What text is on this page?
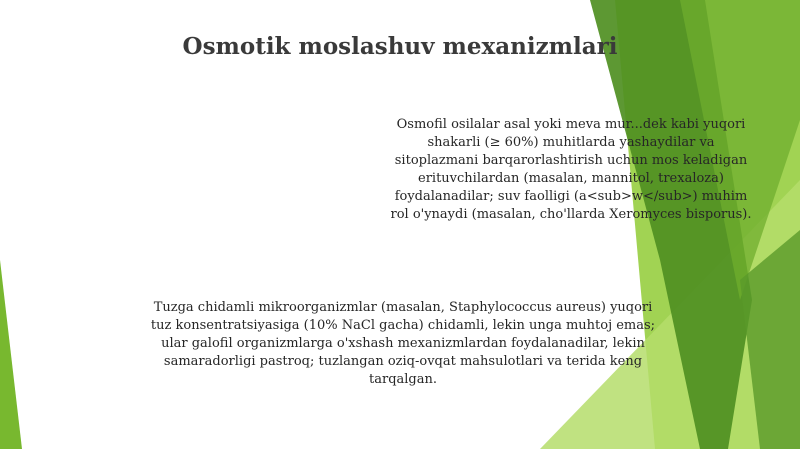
Osmotik moslashuv mexanizmlari

Osmofil osilalar asal yoki meva mur...dek kabi yuqori shakarli (≥ 60%) muhitlarda yashaydilar va sitoplazmani barqarorlashtirish uchun mos keladigan erituvchilardan (masalan, mannitol, trexaloza) foydalanadilar; suv faolligi (a<sub>w</sub>) muhim rol o'ynaydi (masalan, cho'llarda Xeromyces bisporus).

Tuzga chidamli mikroorganizmlar (masalan, Staphylococcus aureus) yuqori tuz konsentratsiyasiga (10% NaCl gacha) chidamli, lekin unga muhtoj emas; ular galofil organizmlarga o'xshash mexanizmlardan foydalanadilar, lekin samaradorligi pastroq; tuzlangan oziq-ovqat mahsulotlari va terida keng tarqalgan.
